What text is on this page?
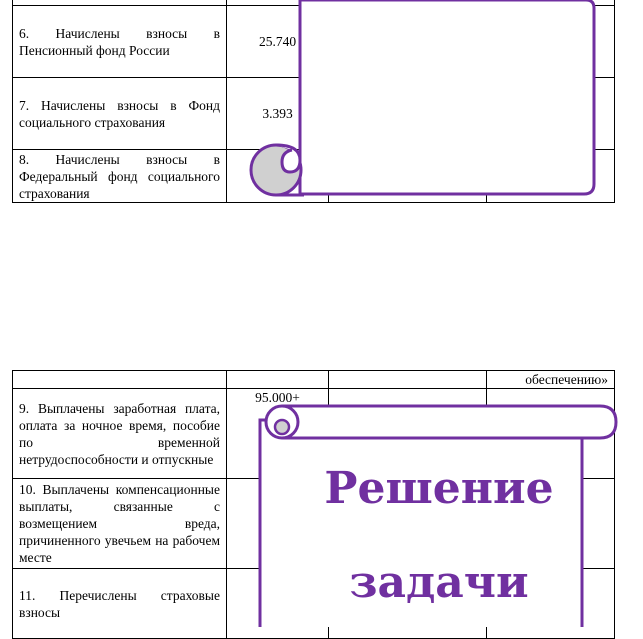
6. Начислены взносы в Пенсионный фонд России	25.740		
7. Начислены взносы в Фонд социального страхования	3.393		
8. Начислены взносы в Федеральный фонд социального страхования			
			обеспечению»
9. Выплачены заработная плата, оплата за ночное время, пособие по временной нетрудоспособности и отпускные	95.000+		
10. Выплачены компенсационные выплаты, связанные с возмещением вреда, причиненного увечьем на рабочем месте			
11. Перечислены страховые взносы			
Решение
задачи
